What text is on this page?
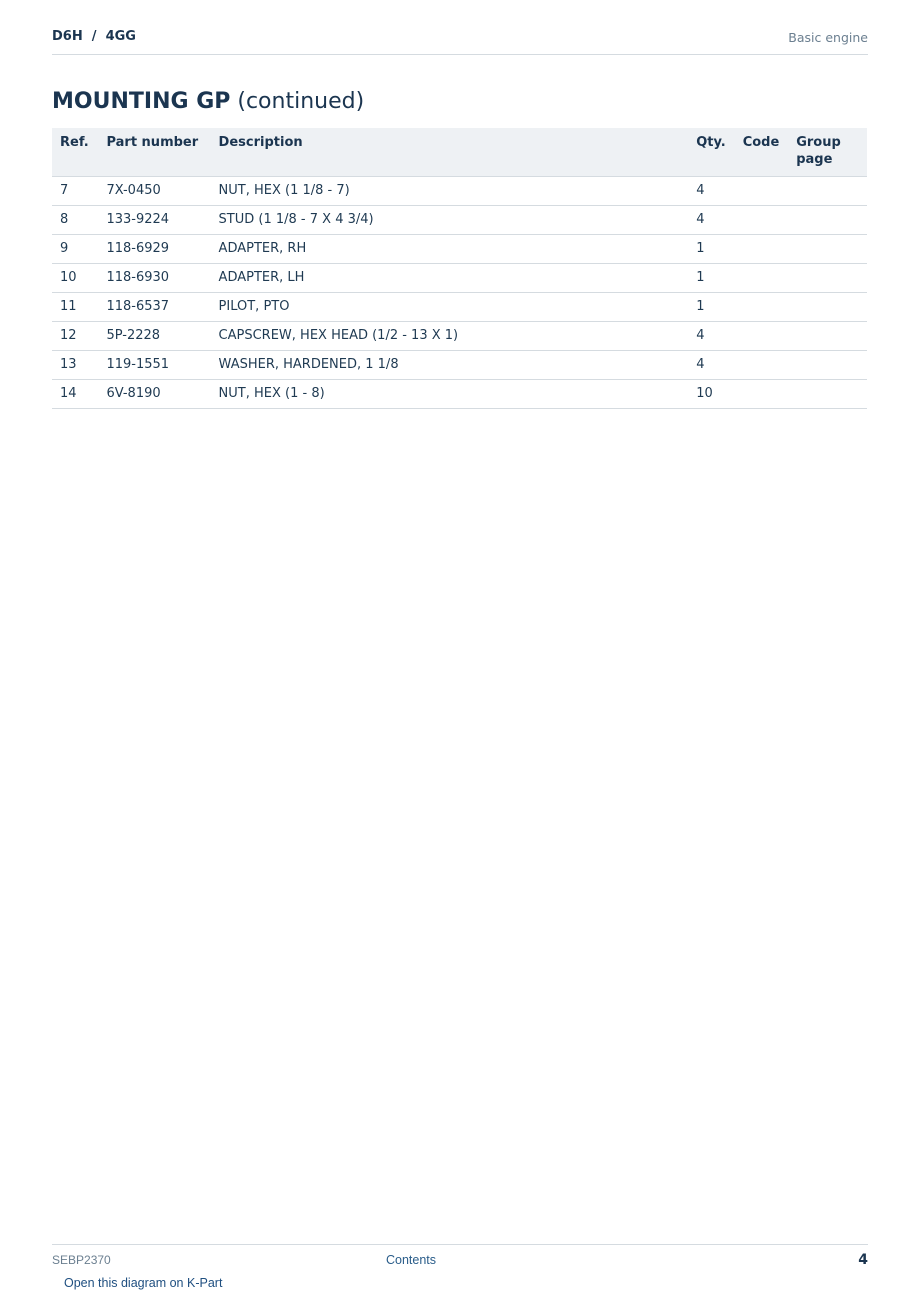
D6H / 4GG	Basic engine
MOUNTING GP (continued)
Ref.	Part number	Description	Qty.	Code	Group page
7	7X-0450	NUT, HEX (1 1/8 - 7)	4		
8	133-9224	STUD (1 1/8 - 7 X 4 3/4)	4		
9	118-6929	ADAPTER, RH	1		
10	118-6930	ADAPTER, LH	1		
11	118-6537	PILOT, PTO	1		
12	5P-2228	CAPSCREW, HEX HEAD (1/2 - 13 X 1)	4		
13	119-1551	WASHER, HARDENED, 1 1/8	4		
14	6V-8190	NUT, HEX (1 - 8)	10		
SEBP2370	Contents	4
Open this diagram on K-Part
